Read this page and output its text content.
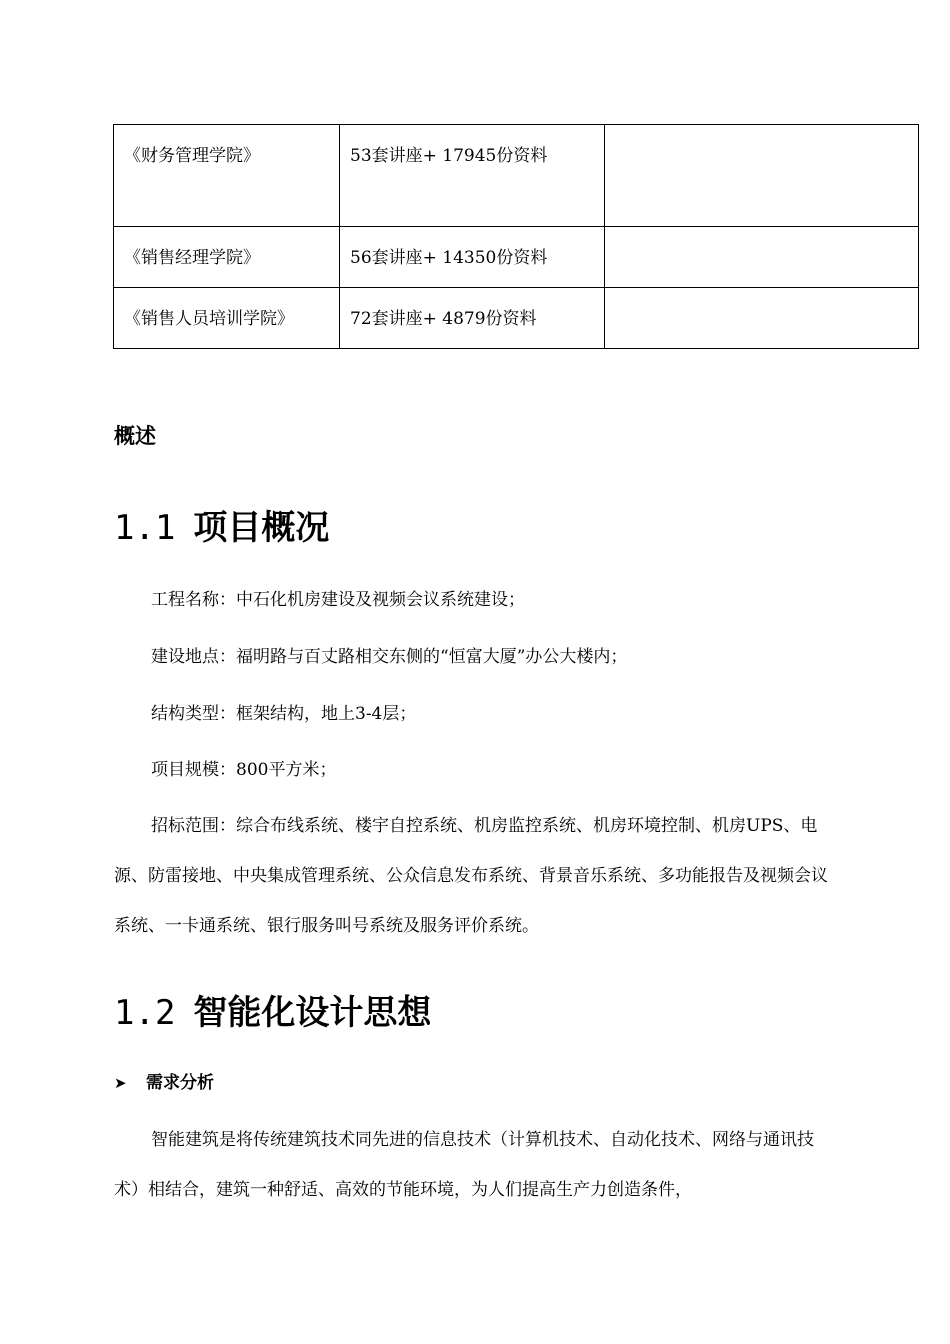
《财务管理学院》	53套讲座+ 17945份资料	
《销售经理学院》	56套讲座+ 14350份资料	
《销售人员培训学院》	72套讲座+ 4879份资料	
概述
1.1 项目概况
工程名称：中石化机房建设及视频会议系统建设；
建设地点：福明路与百丈路相交东侧的“恒富大厦”办公大楼内；
结构类型：框架结构，地上3-4层；
项目规模：800平方米；
招标范围：综合布线系统、楼宇自控系统、机房监控系统、机房环境控制、机房UPS、电源、防雷接地、中央集成管理系统、公众信息发布系统、背景音乐系统、多功能报告及视频会议系统、一卡通系统、银行服务叫号系统及服务评价系统。
1.2 智能化设计思想
➤ 需求分析
智能建筑是将传统建筑技术同先进的信息技术（计算机技术、自动化技术、网络与通讯技术）相结合，建筑一种舒适、高效的节能环境，为人们提高生产力创造条件，
